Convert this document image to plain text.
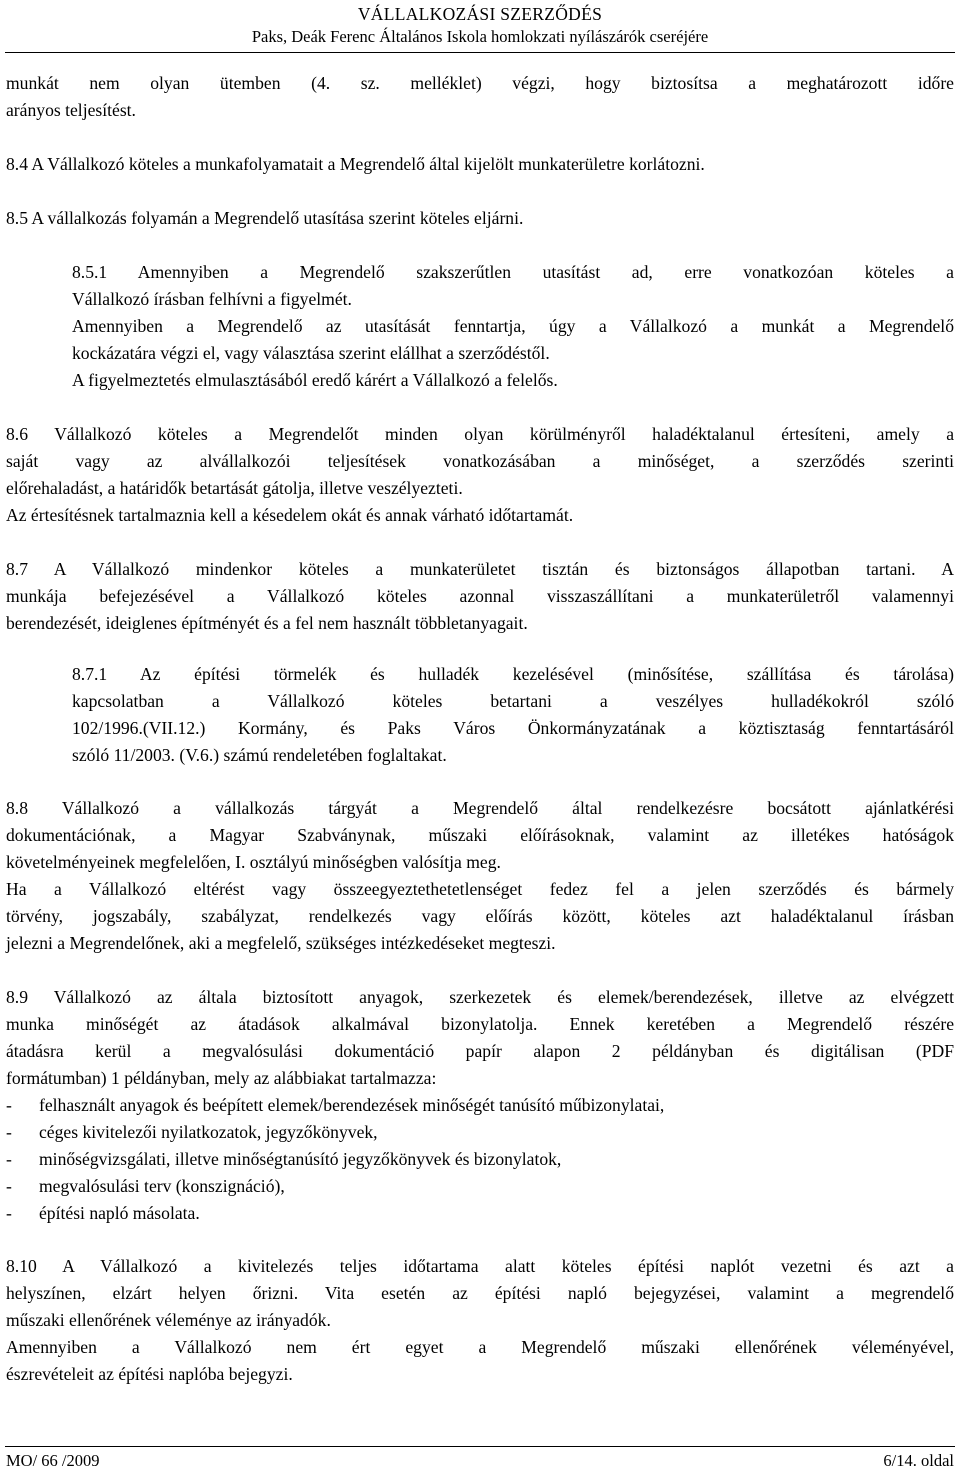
VÁLLALKOZÁSI SZERZŐDÉS
Paks, Deák Ferenc Általános Iskola homlokzati nyílászárók cseréjére
munkát nem olyan ütemben (4. sz. melléklet) végzi, hogy biztosítsa a meghatározott időre
arányos teljesítést.
8.4 A Vállalkozó köteles a munkafolyamatait a Megrendelő által kijelölt munkaterületre korlátozni.
8.5 A vállalkozás folyamán a Megrendelő utasítása szerint köteles eljárni.
8.5.1 Amennyiben a Megrendelő szakszerűtlen utasítást ad, erre vonatkozóan köteles a
Vállalkozó írásban felhívni a figyelmét.
Amennyiben a Megrendelő az utasítását fenntartja, úgy a Vállalkozó a munkát a Megrendelő
kockázatára végzi el, vagy választása szerint elállhat a szerződéstől.
A figyelmeztetés elmulasztásából eredő kárért a Vállalkozó a felelős.
8.6 Vállalkozó köteles a Megrendelőt minden olyan körülményről haladéktalanul értesíteni, amely a
saját vagy az alvállalkozói teljesítések vonatkozásában a minőséget, a szerződés szerinti
előrehaladást, a határidők betartását gátolja, illetve veszélyezteti.
Az értesítésnek tartalmaznia kell a késedelem okát és annak várható időtartamát.
8.7 A Vállalkozó mindenkor köteles a munkaterületet tisztán és biztonságos állapotban tartani. A
munkája befejezésével a Vállalkozó köteles azonnal visszaszállítani a munkaterületről valamennyi
berendezését, ideiglenes építményét és a fel nem használt többletanyagait.
8.7.1 Az építési törmelék és hulladék kezelésével (minősítése, szállítása és tárolása)
kapcsolatban a Vállalkozó köteles betartani a veszélyes hulladékokról szóló
102/1996.(VII.12.) Kormány, és Paks Város Önkormányzatának a köztisztaság fenntartásáról
szóló 11/2003. (V.6.) számú rendeletében foglaltakat.
8.8 Vállalkozó a vállalkozás tárgyát a Megrendelő által rendelkezésre bocsátott ajánlatkérési
dokumentációnak, a Magyar Szabványnak, műszaki előírásoknak, valamint az illetékes hatóságok
követelményeinek megfelelően, I. osztályú minőségben valósítja meg.
Ha a Vállalkozó eltérést vagy összeegyeztethetetlenséget fedez fel a jelen szerződés és bármely
törvény, jogszabály, szabályzat, rendelkezés vagy előírás között, köteles azt haladéktalanul írásban
jelezni a Megrendelőnek, aki a megfelelő, szükséges intézkedéseket megteszi.
8.9 Vállalkozó az általa biztosított anyagok, szerkezetek és elemek/berendezések, illetve az elvégzett
munka minőségét az átadások alkalmával bizonylatolja. Ennek keretében a Megrendelő részére
átadásra kerül a megvalósulási dokumentáció papír alapon 2 példányban és digitálisan (PDF
formátumban) 1 példányban, mely az alábbiakat tartalmazza:
- felhasznált anyagok és beépített elemek/berendezések minőségét tanúsító műbizonylatai,
- céges kivitelezői nyilatkozatok, jegyzőkönyvek,
- minőségvizsgálati, illetve minőségtanúsító jegyzőkönyvek és bizonylatok,
- megvalósulási terv (konszignáció),
- építési napló másolata.
8.10 A Vállalkozó a kivitelezés teljes időtartama alatt köteles építési naplót vezetni és azt a
helyszínen, elzárt helyen őrizni. Vita esetén az építési napló bejegyzései, valamint a megrendelő
műszaki ellenőrének véleménye az irányadók.
Amennyiben a Vállalkozó nem ért egyet a Megrendelő műszaki ellenőrének véleményével,
észrevételeit az építési naplóba bejegyzi.
MO/ 66 /2009	6/14. oldal
